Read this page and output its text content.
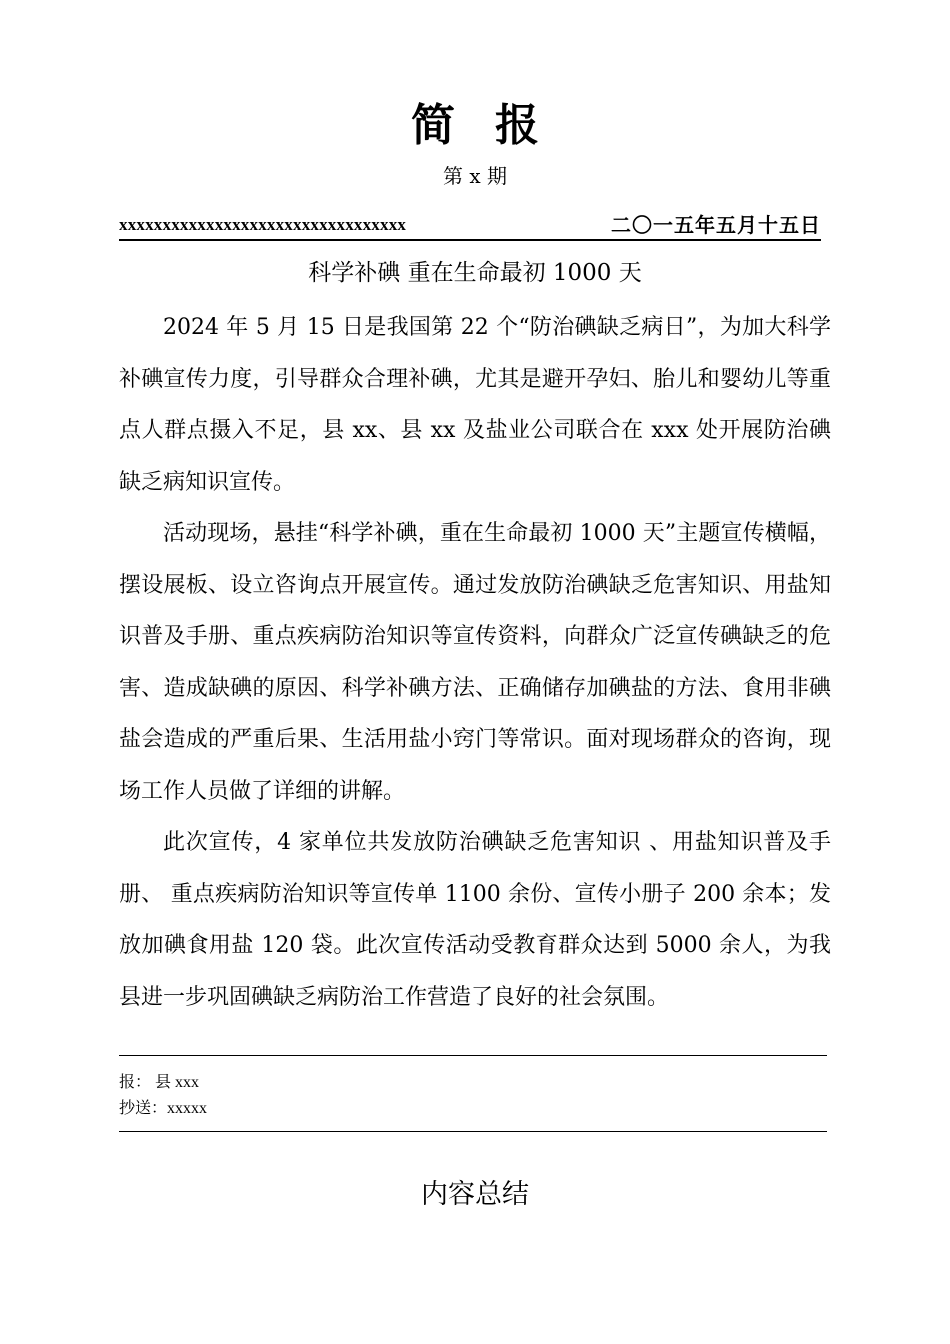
简报
第 x 期
xxxxxxxxxxxxxxxxxxxxxxxxxxxxxxxxx	二〇一五年五月十五日
科学补碘 重在生命最初 1000 天

2024 年 5 月 15 日是我国第 22 个“防治碘缺乏病日”，为加大科学补碘宣传力度，引导群众合理补碘，尤其是避开孕妇、胎儿和婴幼儿等重点人群点摄入不足，县 xx、县 xx 及盐业公司联合在 xxx 处开展防治碘缺乏病知识宣传。

活动现场，悬挂“科学补碘，重在生命最初 1000 天”主题宣传横幅，摆设展板、设立咨询点开展宣传。通过发放防治碘缺乏危害知识、用盐知识普及手册、重点疾病防治知识等宣传资料，向群众广泛宣传碘缺乏的危害、造成缺碘的原因、科学补碘方法、正确储存加碘盐的方法、食用非碘盐会造成的严重后果、生活用盐小窍门等常识。面对现场群众的咨询，现场工作人员做了详细的讲解。

此次宣传，4 家单位共发放防治碘缺乏危害知识 、用盐知识普及手册、 重点疾病防治知识等宣传单 1100 余份、宣传小册子 200 余本；发放加碘食用盐 120 袋。此次宣传活动受教育群众达到 5000 余人，为我县进一步巩固碘缺乏病防治工作营造了良好的社会氛围。

报： 县 xxx
抄送：xxxxx
内容总结
